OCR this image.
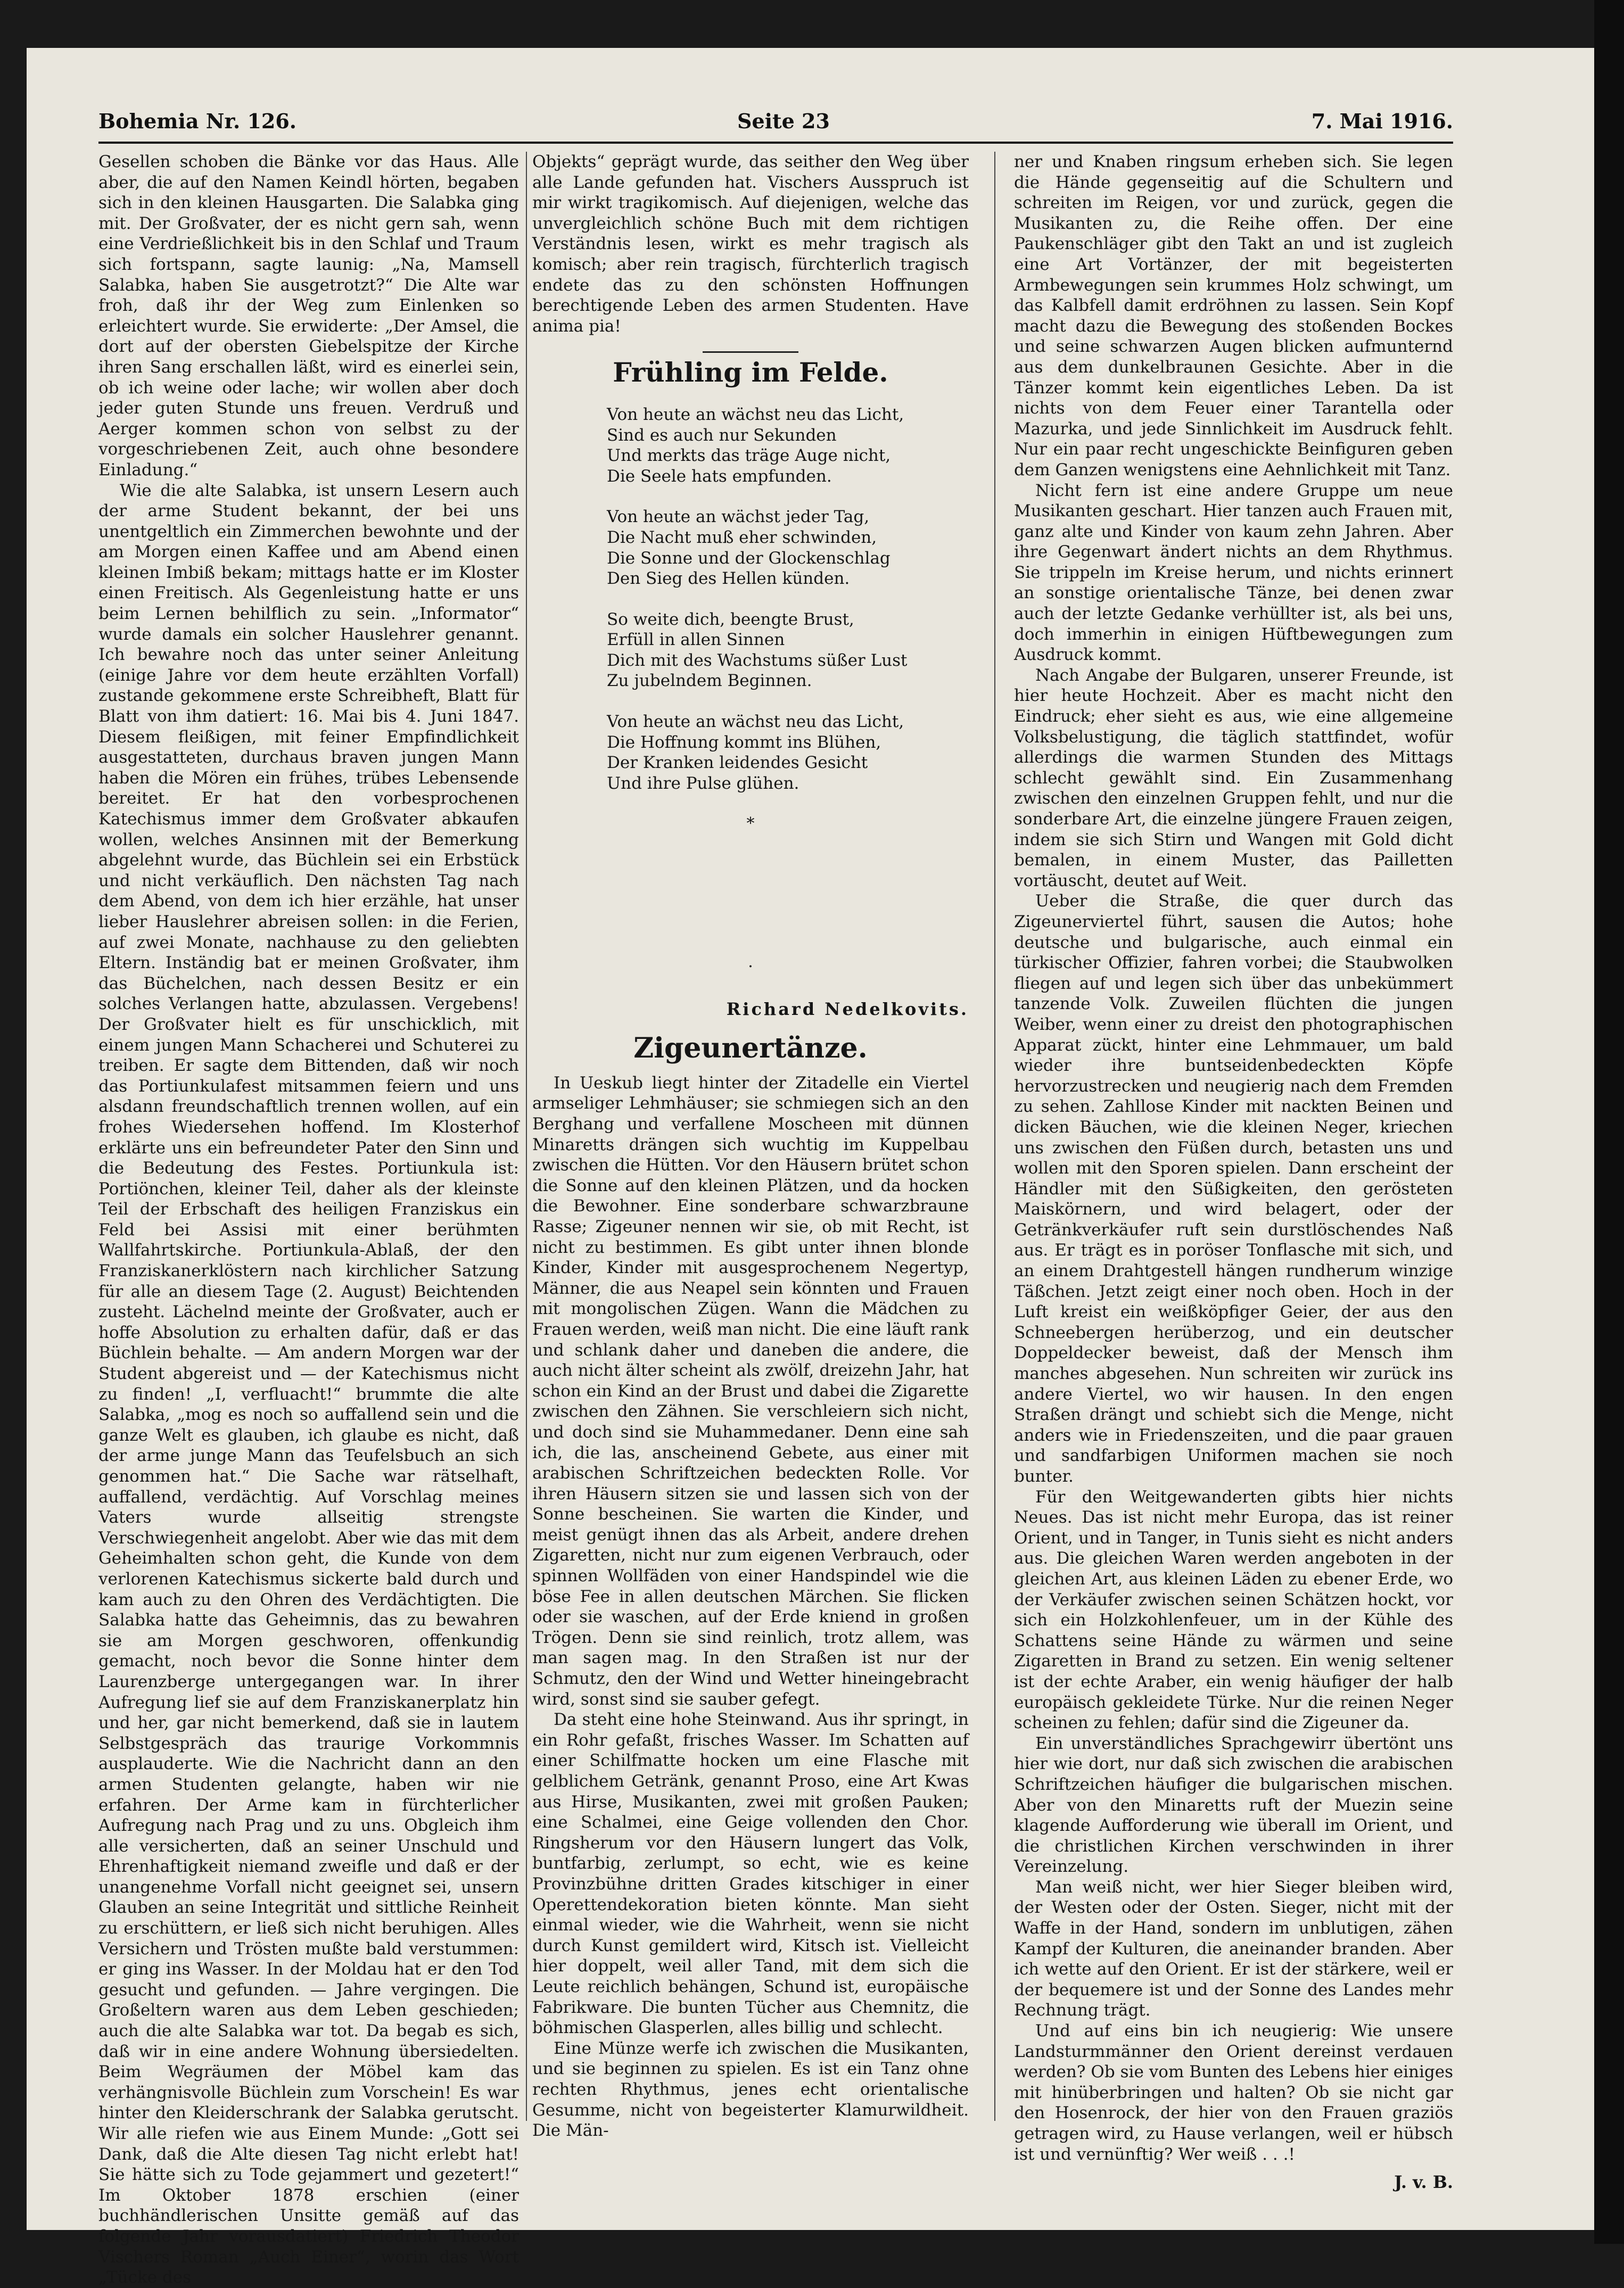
Bohemia Nr. 126.	Seite 23	7. Mai 1916.

Gesellen schoben die Bänke vor das Haus. Alle aber, die auf den Namen Keindl hörten, begaben sich in den kleinen Hausgarten. Die Salabka ging mit. Der Großvater, der es nicht gern sah, wenn eine Verdrießlichkeit bis in den Schlaf und Traum sich fortspann, sagte launig: „Na, Mamsell Salabka, haben Sie ausgetrotzt?“ Die Alte war froh, daß ihr der Weg zum Einlenken so erleichtert wurde. Sie erwiderte: „Der Amsel, die dort auf der obersten Giebelspitze der Kirche ihren Sang erschallen läßt, wird es einerlei sein, ob ich weine oder lache; wir wollen aber doch jeder guten Stunde uns freuen. Verdruß und Aerger kommen schon von selbst zu der vorgeschriebenen Zeit, auch ohne besondere Einladung.“

Wie die alte Salabka, ist unsern Lesern auch der arme Student bekannt, der bei uns unentgeltlich ein Zimmerchen bewohnte und der am Morgen einen Kaffee und am Abend einen kleinen Imbiß bekam; mittags hatte er im Kloster einen Freitisch. Als Gegenleistung hatte er uns beim Lernen behilflich zu sein. „Informator“ wurde damals ein solcher Hauslehrer genannt. Ich bewahre noch das unter seiner Anleitung (einige Jahre vor dem heute erzählten Vorfall) zustande gekommene erste Schreibheft, Blatt für Blatt von ihm datiert: 16. Mai bis 4. Juni 1847. Diesem fleißigen, mit feiner Empfindlichkeit ausgestatteten, durchaus braven jungen Mann haben die Mören ein frühes, trübes Lebensende bereitet. Er hat den vorbesprochenen Katechismus immer dem Großvater abkaufen wollen, welches Ansinnen mit der Bemerkung abgelehnt wurde, das Büchlein sei ein Erbstück und nicht verkäuflich. Den nächsten Tag nach dem Abend, von dem ich hier erzähle, hat unser lieber Hauslehrer abreisen sollen: in die Ferien, auf zwei Monate, nachhause zu den geliebten Eltern. Inständig bat er meinen Großvater, ihm das Büchelchen, nach dessen Besitz er ein solches Verlangen hatte, abzulassen. Vergebens! Der Großvater hielt es für unschicklich, mit einem jungen Mann Schacherei und Schuterei zu treiben. Er sagte dem Bittenden, daß wir noch das Portiunkulafest mitsammen feiern und uns alsdann freundschaftlich trennen wollen, auf ein frohes Wiedersehen hoffend. Im Klosterhof erklärte uns ein befreundeter Pater den Sinn und die Bedeutung des Festes. Portiunkula ist: Portiönchen, kleiner Teil, daher als der kleinste Teil der Erbschaft des heiligen Franziskus ein Feld bei Assisi mit einer berühmten Wallfahrtskirche. Portiunkula-Ablaß, der den Franziskanerklöstern nach kirchlicher Satzung für alle an diesem Tage (2. August) Beichtenden zusteht. Lächelnd meinte der Großvater, auch er hoffe Absolution zu erhalten dafür, daß er das Büchlein behalte. — Am andern Morgen war der Student abgereist und — der Katechismus nicht zu finden! „I, verfluacht!“ brummte die alte Salabka, „mog es noch so auffallend sein und die ganze Welt es glauben, ich glaube es nicht, daß der arme junge Mann das Teufelsbuch an sich genommen hat.“ Die Sache war rätselhaft, auffallend, verdächtig. Auf Vorschlag meines Vaters wurde allseitig strengste Verschwiegenheit angelobt. Aber wie das mit dem Geheimhalten schon geht, die Kunde von dem verlorenen Katechismus sickerte bald durch und kam auch zu den Ohren des Verdächtigten. Die Salabka hatte das Geheimnis, das zu bewahren sie am Morgen geschworen, offenkundig gemacht, noch bevor die Sonne hinter dem Laurenzberge untergegangen war. In ihrer Aufregung lief sie auf dem Franziskanerplatz hin und her, gar nicht bemerkend, daß sie in lautem Selbstgespräch das traurige Vorkommnis ausplauderte. Wie die Nachricht dann an den armen Studenten gelangte, haben wir nie erfahren. Der Arme kam in fürchterlicher Aufregung nach Prag und zu uns. Obgleich ihm alle versicherten, daß an seiner Unschuld und Ehrenhaftigkeit niemand zweifle und daß er der unangenehme Vorfall nicht geeignet sei, unsern Glauben an seine Integrität und sittliche Reinheit zu erschüttern, er ließ sich nicht beruhigen. Alles Versichern und Trösten mußte bald verstummen: er ging ins Wasser. In der Moldau hat er den Tod gesucht und gefunden. — Jahre vergingen. Die Großeltern waren aus dem Leben geschieden; auch die alte Salabka war tot. Da begab es sich, daß wir in eine andere Wohnung übersiedelten. Beim Wegräumen der Möbel kam das verhängnisvolle Büchlein zum Vorschein! Es war hinter den Kleiderschrank der Salabka gerutscht. Wir alle riefen wie aus Einem Munde: „Gott sei Dank, daß die Alte diesen Tag nicht erlebt hat! Sie hätte sich zu Tode gejammert und gezetert!“ Im Oktober 1878 erschien (einer buchhändlerischen Unsitte gemäß auf das folgende Jahr vorausdatiert) Friedrich Theodor Vischers Roman „Auch Einer“, worin das Wort „Tücke des

Objekts“ geprägt wurde, das seither den Weg über alle Lande gefunden hat. Vischers Ausspruch ist mir wirkt tragikomisch. Auf diejenigen, welche das unvergleichlich schöne Buch mit dem richtigen Verständnis lesen, wirkt es mehr tragisch als komisch; aber rein tragisch, fürchterlich tragisch endete das zu den schönsten Hoffnungen berechtigende Leben des armen Studenten. Have anima pia!

Frühling im Felde.
Von heute an wächst neu das Licht,
Sind es auch nur Sekunden
Und merkts das träge Auge nicht,
Die Seele hats empfunden.
Von heute an wächst jeder Tag,
Die Nacht muß eher schwinden,
Die Sonne und der Glockenschlag
Den Sieg des Hellen künden.
So weite dich, beengte Brust,
Erfüll in allen Sinnen
Dich mit des Wachstums süßer Lust
Zu jubelndem Beginnen.
Von heute an wächst neu das Licht,
Die Hoffnung kommt ins Blühen,
Der Kranken leidendes Gesicht
Und ihre Pulse glühen.
*
·
Richard Nedelkovits.
Zigeunertänze.

In Ueskub liegt hinter der Zitadelle ein Viertel armseliger Lehmhäuser; sie schmiegen sich an den Berghang und verfallene Moscheen mit dünnen Minaretts drängen sich wuchtig im Kuppelbau zwischen die Hütten. Vor den Häusern brütet schon die Sonne auf den kleinen Plätzen, und da hocken die Bewohner. Eine sonderbare schwarzbraune Rasse; Zigeuner nennen wir sie, ob mit Recht, ist nicht zu bestimmen. Es gibt unter ihnen blonde Kinder, Kinder mit ausgesprochenem Negertyp, Männer, die aus Neapel sein könnten und Frauen mit mongolischen Zügen. Wann die Mädchen zu Frauen werden, weiß man nicht. Die eine läuft rank und schlank daher und daneben die andere, die auch nicht älter scheint als zwölf, dreizehn Jahr, hat schon ein Kind an der Brust und dabei die Zigarette zwischen den Zähnen. Sie verschleiern sich nicht, und doch sind sie Muhammedaner. Denn eine sah ich, die las, anscheinend Gebete, aus einer mit arabischen Schriftzeichen bedeckten Rolle. Vor ihren Häusern sitzen sie und lassen sich von der Sonne bescheinen. Sie warten die Kinder, und meist genügt ihnen das als Arbeit, andere drehen Zigaretten, nicht nur zum eigenen Verbrauch, oder spinnen Wollfäden von einer Handspindel wie die böse Fee in allen deutschen Märchen. Sie flicken oder sie waschen, auf der Erde kniend in großen Trögen. Denn sie sind reinlich, trotz allem, was man sagen mag. In den Straßen ist nur der Schmutz, den der Wind und Wetter hineingebracht wird, sonst sind sie sauber gefegt.

Da steht eine hohe Steinwand. Aus ihr springt, in ein Rohr gefaßt, frisches Wasser. Im Schatten auf einer Schilfmatte hocken um eine Flasche mit gelblichem Getränk, genannt Proso, eine Art Kwas aus Hirse, Musikanten, zwei mit großen Pauken; eine Schalmei, eine Geige vollenden den Chor. Ringsherum vor den Häusern lungert das Volk, buntfarbig, zerlumpt, so echt, wie es keine Provinzbühne dritten Grades kitschiger in einer Operettendekoration bieten könnte. Man sieht einmal wieder, wie die Wahrheit, wenn sie nicht durch Kunst gemildert wird, Kitsch ist. Vielleicht hier doppelt, weil aller Tand, mit dem sich die Leute reichlich behängen, Schund ist, europäische Fabrikware. Die bunten Tücher aus Chemnitz, die böhmischen Glasperlen, alles billig und schlecht.

Eine Münze werfe ich zwischen die Musikanten, und sie beginnen zu spielen. Es ist ein Tanz ohne rechten Rhythmus, jenes echt orientalische Gesumme, nicht von begeisterter Klamurwildheit. Die Män-

ner und Knaben ringsum erheben sich. Sie legen die Hände gegenseitig auf die Schultern und schreiten im Reigen, vor und zurück, gegen die Musikanten zu, die Reihe offen. Der eine Paukenschläger gibt den Takt an und ist zugleich eine Art Vortänzer, der mit begeisterten Armbewegungen sein krummes Holz schwingt, um das Kalbfell damit erdröhnen zu lassen. Sein Kopf macht dazu die Bewegung des stoßenden Bockes und seine schwarzen Augen blicken aufmunternd aus dem dunkelbraunen Gesichte. Aber in die Tänzer kommt kein eigentliches Leben. Da ist nichts von dem Feuer einer Tarantella oder Mazurka, und jede Sinnlichkeit im Ausdruck fehlt. Nur ein paar recht ungeschickte Beinfiguren geben dem Ganzen wenigstens eine Aehnlichkeit mit Tanz.

Nicht fern ist eine andere Gruppe um neue Musikanten geschart. Hier tanzen auch Frauen mit, ganz alte und Kinder von kaum zehn Jahren. Aber ihre Gegenwart ändert nichts an dem Rhythmus. Sie trippeln im Kreise herum, und nichts erinnert an sonstige orientalische Tänze, bei denen zwar auch der letzte Gedanke verhüllter ist, als bei uns, doch immerhin in einigen Hüftbewegungen zum Ausdruck kommt.

Nach Angabe der Bulgaren, unserer Freunde, ist hier heute Hochzeit. Aber es macht nicht den Eindruck; eher sieht es aus, wie eine allgemeine Volksbelustigung, die täglich stattfindet, wofür allerdings die warmen Stunden des Mittags schlecht gewählt sind. Ein Zusammenhang zwischen den einzelnen Gruppen fehlt, und nur die sonderbare Art, die einzelne jüngere Frauen zeigen, indem sie sich Stirn und Wangen mit Gold dicht bemalen, in einem Muster, das Pailletten vortäuscht, deutet auf Weit.

Ueber die Straße, die quer durch das Zigeunerviertel führt, sausen die Autos; hohe deutsche und bulgarische, auch einmal ein türkischer Offizier, fahren vorbei; die Staubwolken fliegen auf und legen sich über das unbekümmert tanzende Volk. Zuweilen flüchten die jungen Weiber, wenn einer zu dreist den photographischen Apparat zückt, hinter eine Lehmmauer, um bald wieder ihre buntseidenbedeckten Köpfe hervorzustrecken und neugierig nach dem Fremden zu sehen. Zahllose Kinder mit nackten Beinen und dicken Bäuchen, wie die kleinen Neger, kriechen uns zwischen den Füßen durch, betasten uns und wollen mit den Sporen spielen. Dann erscheint der Händler mit den Süßigkeiten, den gerösteten Maiskörnern, und wird belagert, oder der Getränkverkäufer ruft sein durstlöschendes Naß aus. Er trägt es in poröser Tonflasche mit sich, und an einem Drahtgestell hängen rundherum winzige Täßchen. Jetzt zeigt einer noch oben. Hoch in der Luft kreist ein weißköpfiger Geier, der aus den Schneebergen herüberzog, und ein deutscher Doppeldecker beweist, daß der Mensch ihm manches abgesehen. Nun schreiten wir zurück ins andere Viertel, wo wir hausen. In den engen Straßen drängt und schiebt sich die Menge, nicht anders wie in Friedenszeiten, und die paar grauen und sandfarbigen Uniformen machen sie noch bunter.

Für den Weitgewanderten gibts hier nichts Neues. Das ist nicht mehr Europa, das ist reiner Orient, und in Tanger, in Tunis sieht es nicht anders aus. Die gleichen Waren werden angeboten in der gleichen Art, aus kleinen Läden zu ebener Erde, wo der Verkäufer zwischen seinen Schätzen hockt, vor sich ein Holzkohlenfeuer, um in der Kühle des Schattens seine Hände zu wärmen und seine Zigaretten in Brand zu setzen. Ein wenig seltener ist der echte Araber, ein wenig häufiger der halb europäisch gekleidete Türke. Nur die reinen Neger scheinen zu fehlen; dafür sind die Zigeuner da.

Ein unverständliches Sprachgewirr übertönt uns hier wie dort, nur daß sich zwischen die arabischen Schriftzeichen häufiger die bulgarischen mischen. Aber von den Minaretts ruft der Muezin seine klagende Aufforderung wie überall im Orient, und die christlichen Kirchen verschwinden in ihrer Vereinzelung.

Man weiß nicht, wer hier Sieger bleiben wird, der Westen oder der Osten. Sieger, nicht mit der Waffe in der Hand, sondern im unblutigen, zähen Kampf der Kulturen, die aneinander branden. Aber ich wette auf den Orient. Er ist der stärkere, weil er der bequemere ist und der Sonne des Landes mehr Rechnung trägt.

Und auf eins bin ich neugierig: Wie unsere Landsturmmänner den Orient dereinst verdauen werden? Ob sie vom Bunten des Lebens hier einiges mit hinüberbringen und halten? Ob sie nicht gar den Hosenrock, der hier von den Frauen graziös getragen wird, zu Hause verlangen, weil er hübsch ist und vernünftig? Wer weiß . . .!

J. v. B.
